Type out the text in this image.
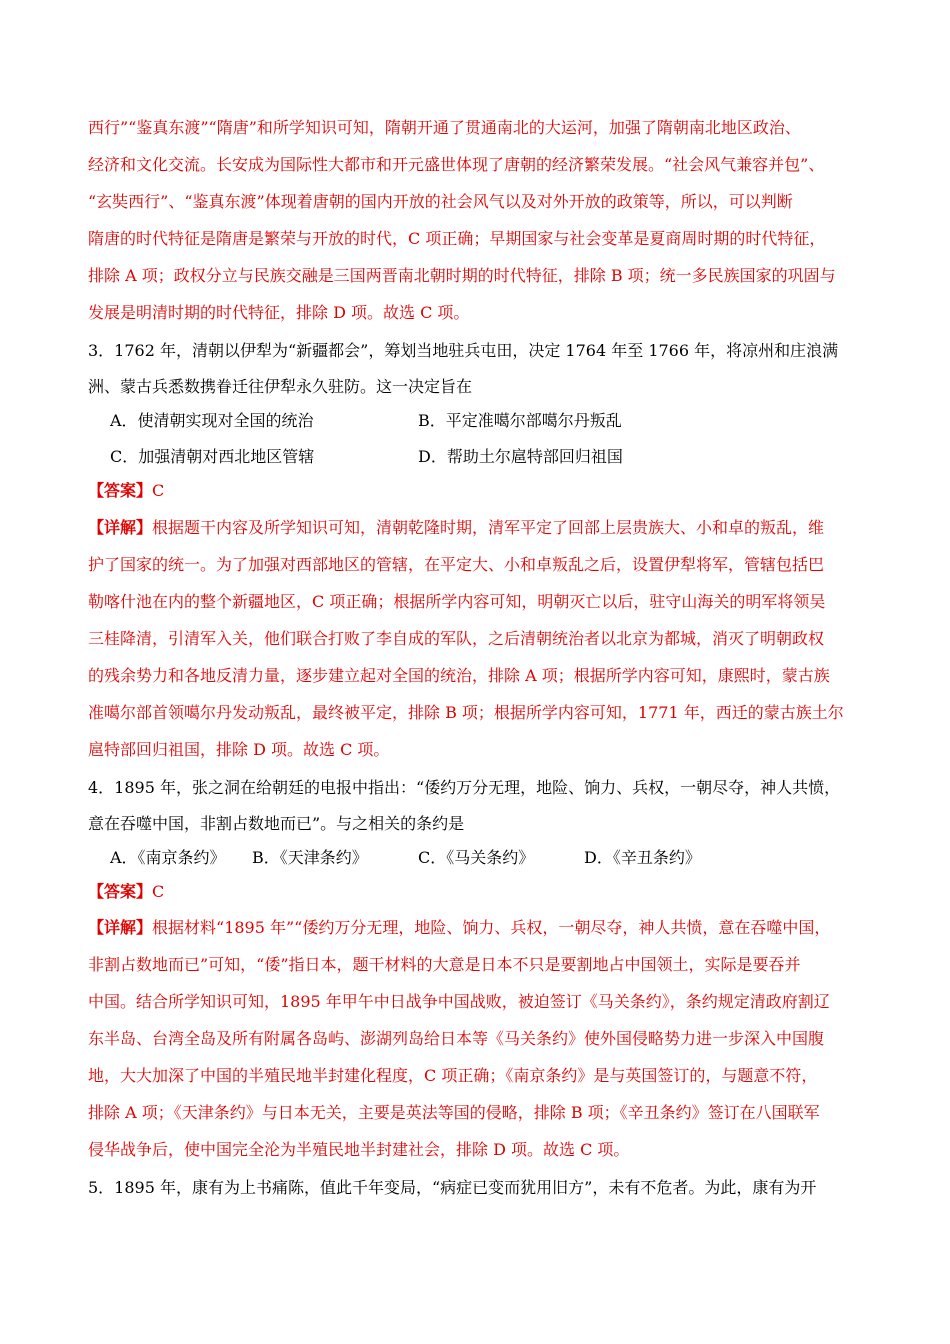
西行”“鉴真东渡”“隋唐”和所学知识可知，隋朝开通了贯通南北的大运河，加强了隋朝南北地区政治、
经济和文化交流。长安成为国际性大都市和开元盛世体现了唐朝的经济繁荣发展。“社会风气兼容并包”、
“玄奘西行”、“鉴真东渡”体现着唐朝的国内开放的社会风气以及对外开放的政策等，所以，可以判断
隋唐的时代特征是隋唐是繁荣与开放的时代，C 项正确；早期国家与社会变革是夏商周时期的时代特征，
排除 A 项；政权分立与民族交融是三国两晋南北朝时期的时代特征，排除 B 项；统一多民族国家的巩固与
发展是明清时期的时代特征，排除 D 项。故选 C 项。
3．1762 年，清朝以伊犁为“新疆都会”，筹划当地驻兵屯田，决定 1764 年至 1766 年，将凉州和庄浪满
洲、蒙古兵悉数携眷迁往伊犁永久驻防。这一决定旨在
A．使清朝实现对全国的统治	B．平定准噶尔部噶尔丹叛乱
C．加强清朝对西北地区管辖	D．帮助土尔扈特部回归祖国
【答案】C
【详解】根据题干内容及所学知识可知，清朝乾隆时期，清军平定了回部上层贵族大、小和卓的叛乱，维
护了国家的统一。为了加强对西部地区的管辖，在平定大、小和卓叛乱之后，设置伊犁将军，管辖包括巴
勒喀什池在内的整个新疆地区，C 项正确；根据所学内容可知，明朝灭亡以后，驻守山海关的明军将领吴
三桂降清，引清军入关，他们联合打败了李自成的军队，之后清朝统治者以北京为都城，消灭了明朝政权
的残余势力和各地反清力量，逐步建立起对全国的统治，排除 A 项；根据所学内容可知，康熙时，蒙古族
准噶尔部首领噶尔丹发动叛乱，最终被平定，排除 B 项；根据所学内容可知，1771 年，西迁的蒙古族土尔
扈特部回归祖国，排除 D 项。故选 C 项。
4．1895 年，张之洞在给朝廷的电报中指出：“倭约万分无理，地险、饷力、兵权，一朝尽夺，神人共愤，
意在吞噬中国，非割占数地而已”。与之相关的条约是
A．《南京条约》 B．《天津条约》	C．《马关条约》	D．《辛丑条约》
【答案】C
【详解】根据材料“1895 年”“倭约万分无理，地险、饷力、兵权，一朝尽夺，神人共愤，意在吞噬中国，
非割占数地而已”可知，“倭”指日本，题干材料的大意是日本不只是要割地占中国领土，实际是要吞并
中国。结合所学知识可知，1895 年甲午中日战争中国战败，被迫签订《马关条约》，条约规定清政府割辽
东半岛、台湾全岛及所有附属各岛屿、澎湖列岛给日本等《马关条约》使外国侵略势力进一步深入中国腹
地，大大加深了中国的半殖民地半封建化程度，C 项正确；《南京条约》是与英国签订的，与题意不符，
排除 A 项；《天津条约》与日本无关，主要是英法等国的侵略，排除 B 项；《辛丑条约》签订在八国联军
侵华战争后，使中国完全沦为半殖民地半封建社会，排除 D 项。故选 C 项。
5．1895 年，康有为上书痛陈，值此千年变局，“病症已变而犹用旧方”，未有不危者。为此，康有为开
